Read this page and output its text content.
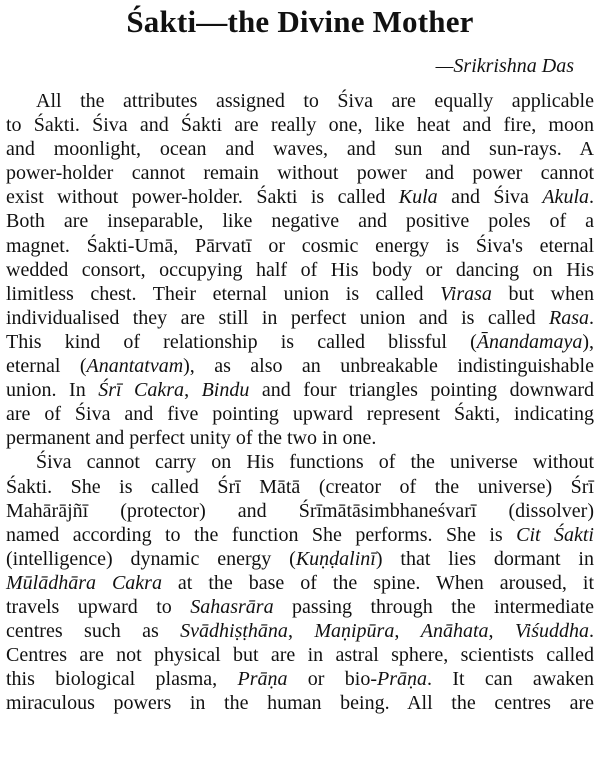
Śakti—the Divine Mother
—Srikrishna Das

All the attributes assigned to Śiva are equally applicable
to Śakti. Śiva and Śakti are really one, like heat and fire, moon
and moonlight, ocean and waves, and sun and sun-rays. A
power-holder cannot remain without power and power cannot
exist without power-holder. Śakti is called Kula and Śiva Akula.
Both are inseparable, like negative and positive poles of a
magnet. Śakti-Umā, Pārvatī or cosmic energy is Śiva's eternal
wedded consort, occupying half of His body or dancing on His
limitless chest. Their eternal union is called Virasa but when
individualised they are still in perfect union and is called Rasa.
This kind of relationship is called blissful (Ānandamaya),
eternal (Anantatvam), as also an unbreakable indistinguishable
union. In Śrī Cakra, Bindu and four triangles pointing downward
are of Śiva and five pointing upward represent Śakti, indicating
permanent and perfect unity of the two in one.

Śiva cannot carry on His functions of the universe without
Śakti. She is called Śrī Mātā (creator of the universe) Śrī
Mahārājñī (protector) and Śrīmātāsimbhaneśvarī (dissolver)
named according to the function She performs. She is Cit Śakti
(intelligence) dynamic energy (Kuṇḍalinī) that lies dormant in
Mūlādhāra Cakra at the base of the spine. When aroused, it
travels upward to Sahasrāra passing through the intermediate
centres such as Svādhiṣṭhāna, Maṇipūra, Anāhata, Viśuddha.
Centres are not physical but are in astral sphere, scientists called
this biological plasma, Prāṇa or bio-Prāṇa. It can awaken
miraculous powers in the human being. All the centres are
